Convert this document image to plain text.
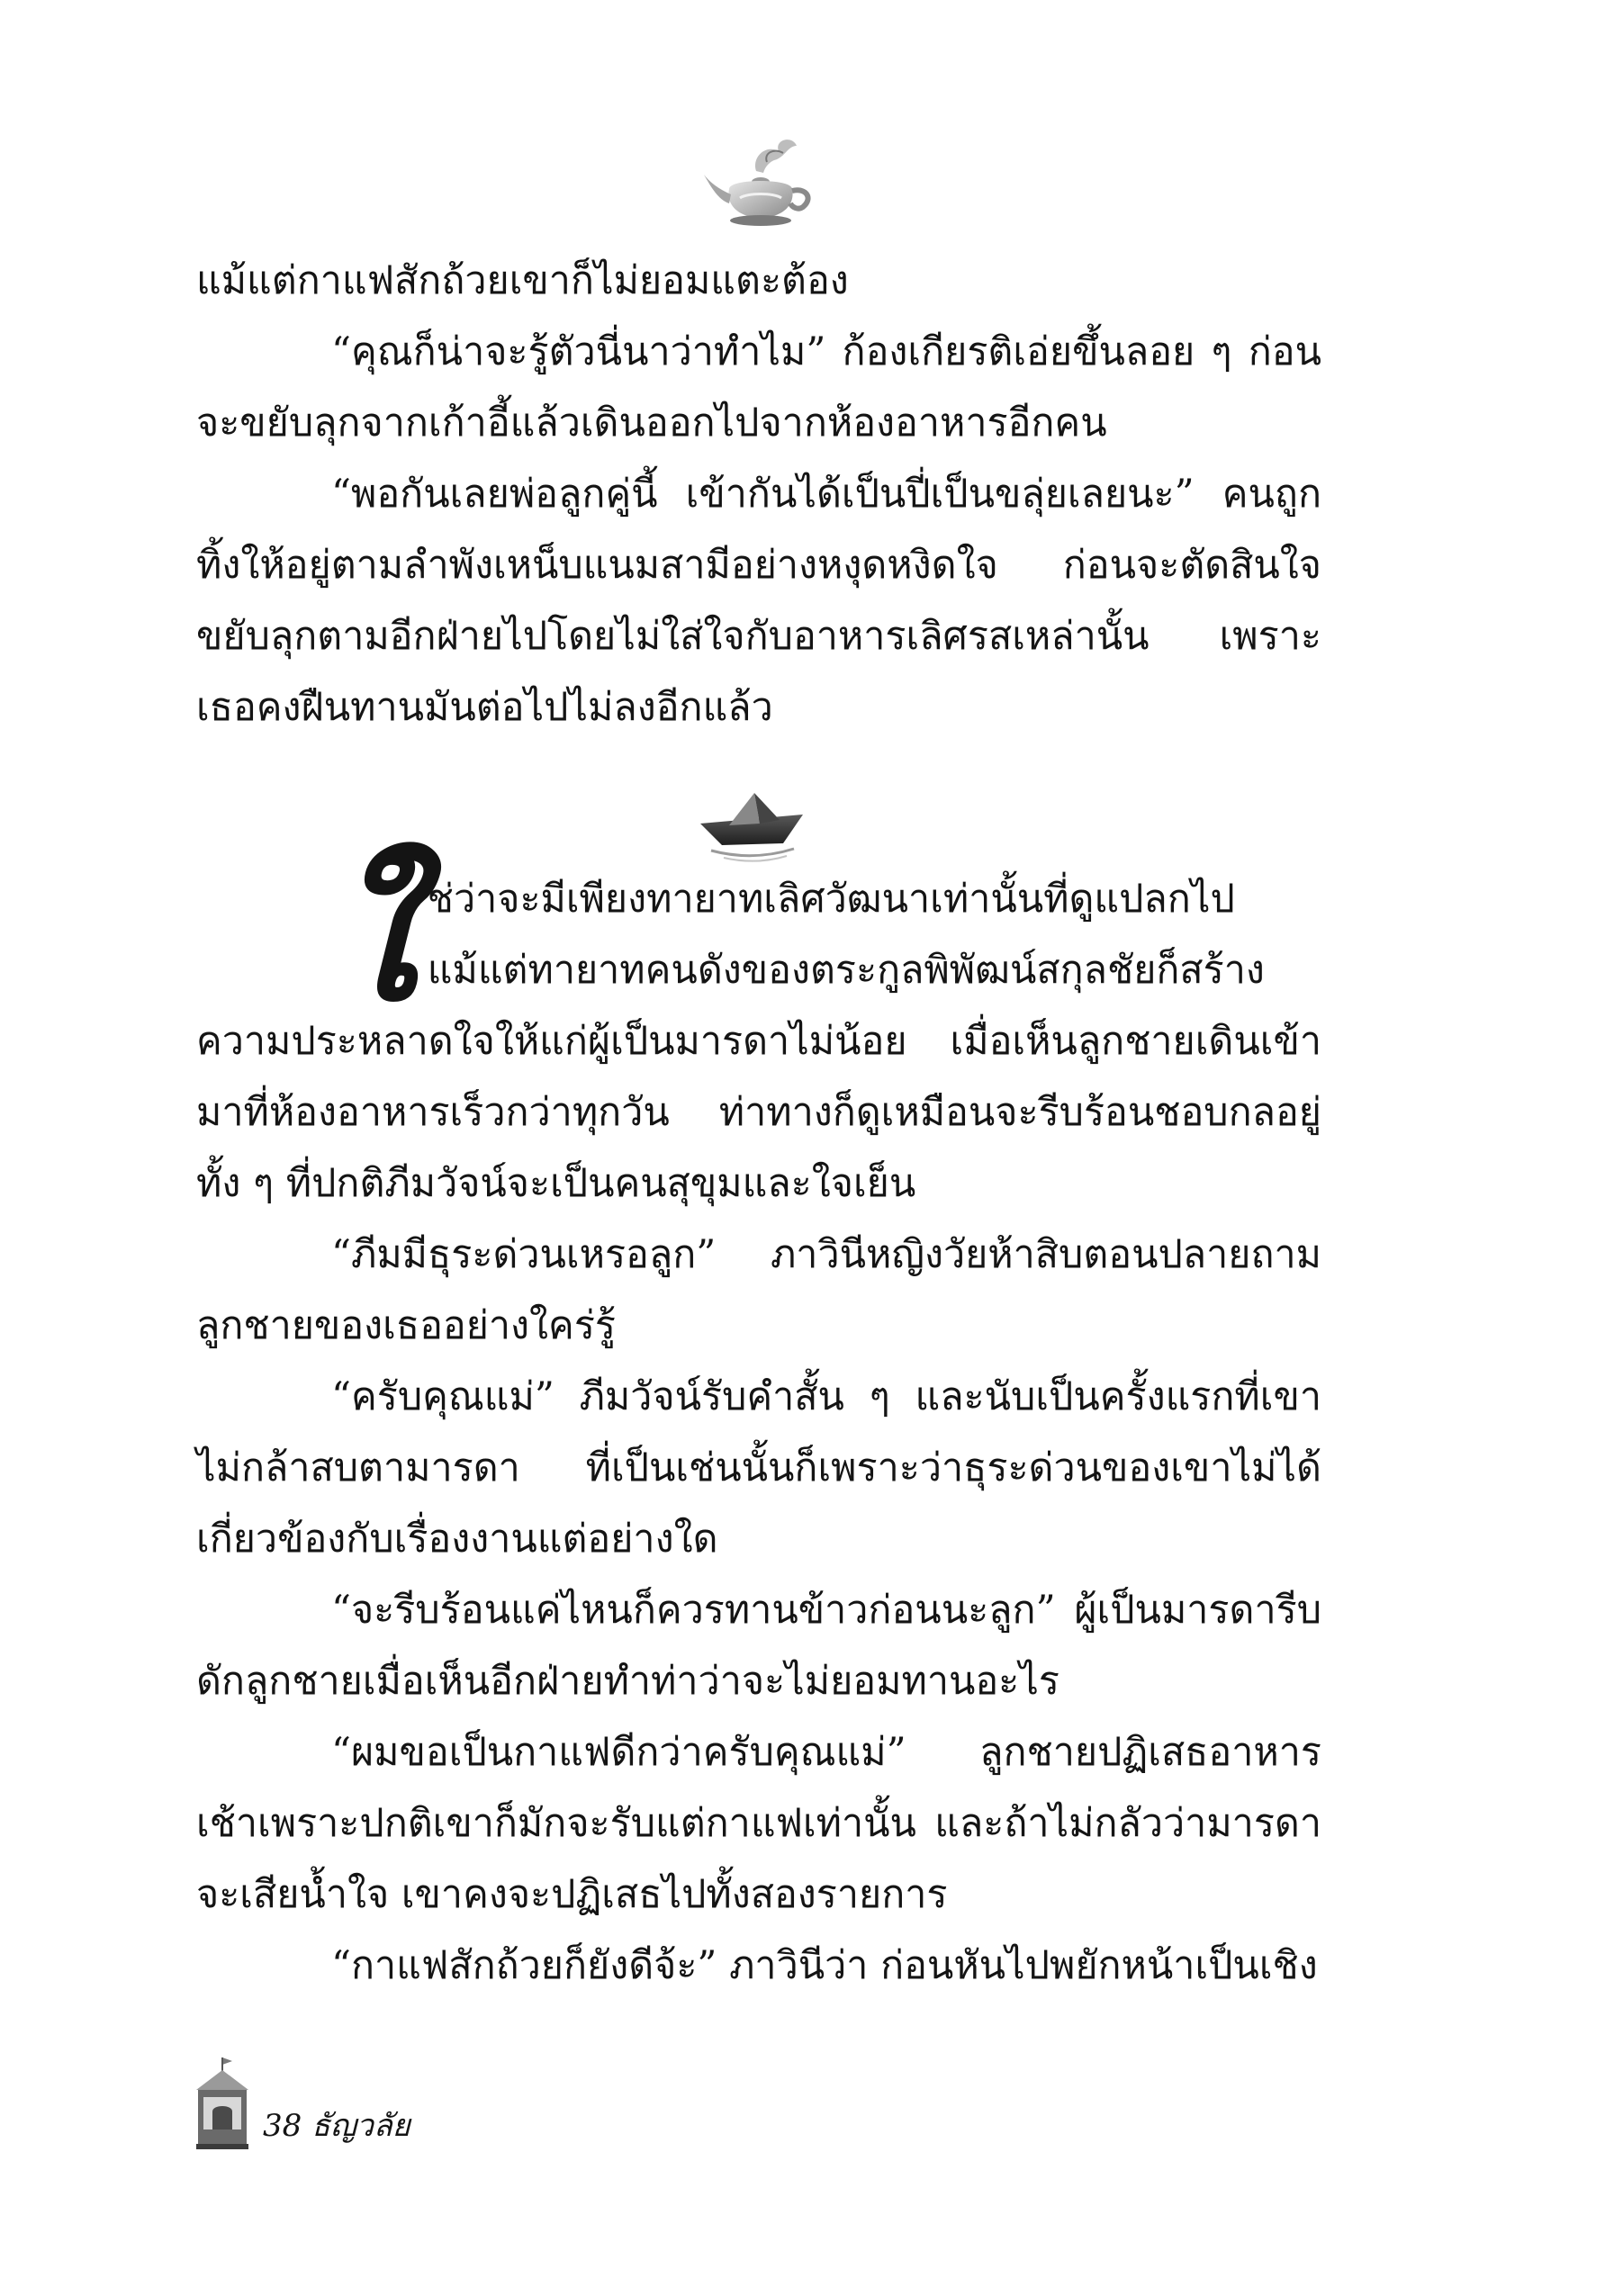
แม้แต่กาแฟสักถ้วยเขาก็ไม่ยอมแตะต้อง

“คุณก็น่าจะรู้ตัวนี่นาว่าทำไม” ก้องเกียรติเอ่ยขึ้นลอย ๆ ก่อนจะขยับลุกจากเก้าอี้แล้วเดินออกไปจากห้องอาหารอีกคน

“พอกันเลยพ่อลูกคู่นี้ เข้ากันได้เป็นปี่เป็นขลุ่ยเลยนะ” คนถูกทิ้งให้อยู่ตามลำพังเหน็บแนมสามีอย่างหงุดหงิดใจ ก่อนจะตัดสินใจขยับลุกตามอีกฝ่ายไปโดยไม่ใส่ใจกับอาหารเลิศรสเหล่านั้น เพราะเธอคงฝืนทานมันต่อไปไม่ลงอีกแล้ว

ใช่ว่าจะมีเพียงทายาทเลิศวัฒนาเท่านั้นที่ดูแปลกไป แม้แต่ทายาทคนดังของตระกูลพิพัฒน์สกุลชัยก็สร้างความประหลาดใจให้แก่ผู้เป็นมารดาไม่น้อย เมื่อเห็นลูกชายเดินเข้ามาที่ห้องอาหารเร็วกว่าทุกวัน ท่าทางก็ดูเหมือนจะรีบร้อนชอบกลอยู่ ทั้ง ๆ ที่ปกติภีมวัจน์จะเป็นคนสุขุมและใจเย็น

“ภีมมีธุระด่วนเหรอลูก” ภาวินีหญิงวัยห้าสิบตอนปลายถามลูกชายของเธออย่างใคร่รู้

“ครับคุณแม่” ภีมวัจน์รับคำสั้น ๆ และนับเป็นครั้งแรกที่เขาไม่กล้าสบตามารดา ที่เป็นเช่นนั้นก็เพราะว่าธุระด่วนของเขาไม่ได้เกี่ยวข้องกับเรื่องงานแต่อย่างใด

“จะรีบร้อนแค่ไหนก็ควรทานข้าวก่อนนะลูก” ผู้เป็นมารดารีบดักลูกชายเมื่อเห็นอีกฝ่ายทำท่าว่าจะไม่ยอมทานอะไร

“ผมขอเป็นกาแฟดีกว่าครับคุณแม่” ลูกชายปฏิเสธอาหารเช้าเพราะปกติเขาก็มักจะรับแต่กาแฟเท่านั้น และถ้าไม่กลัวว่ามารดาจะเสียน้ำใจ เขาคงจะปฏิเสธไปทั้งสองรายการ

“กาแฟสักถ้วยก็ยังดีจ้ะ” ภาวินีว่า ก่อนหันไปพยักหน้าเป็นเชิง

38 ธัญวลัย
